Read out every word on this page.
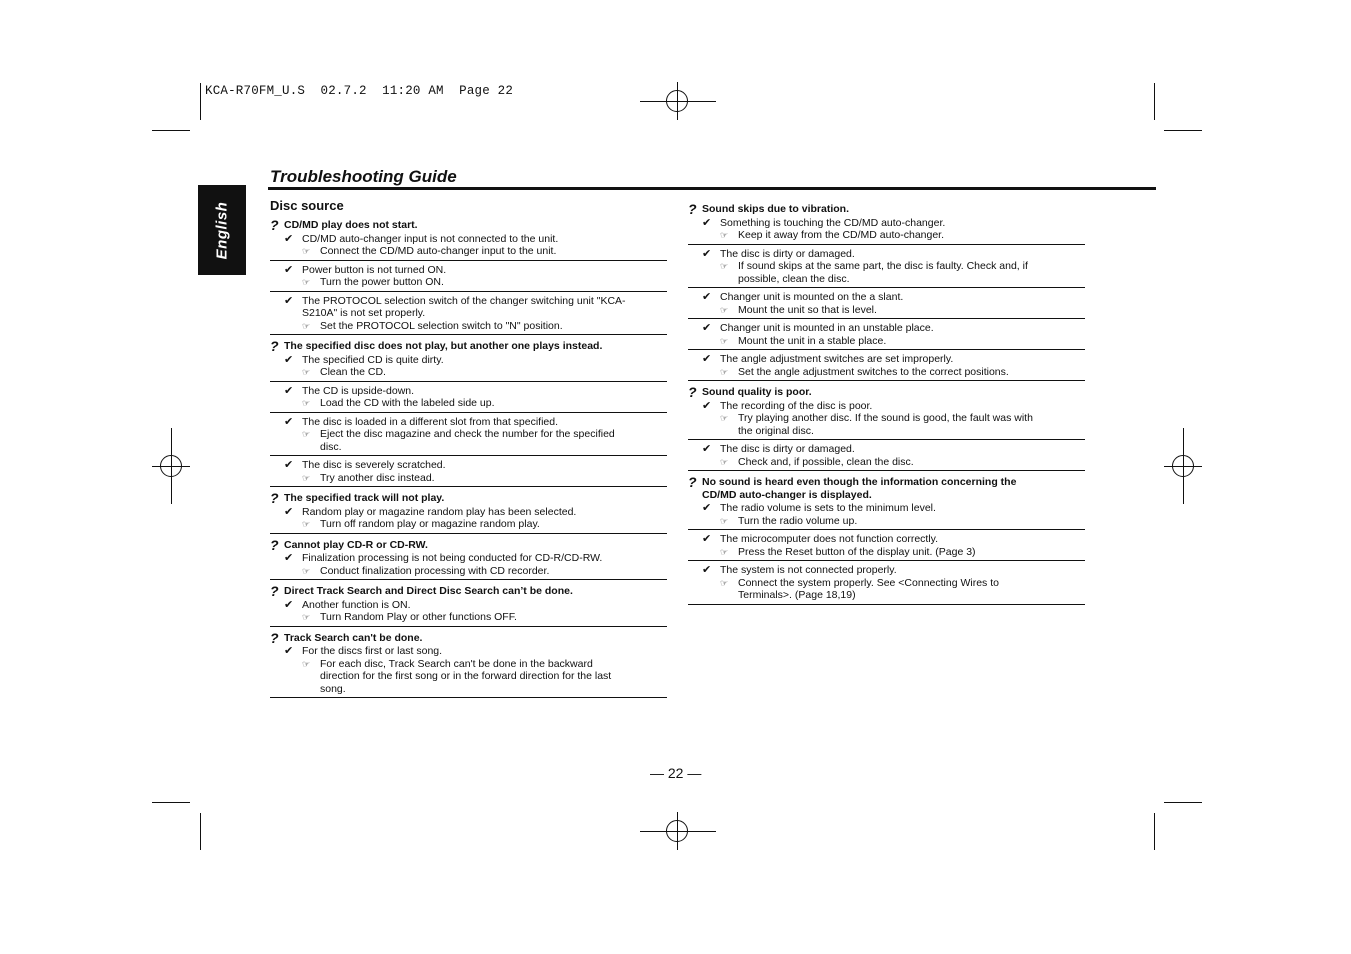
KCA-R70FM_U.S  02.7.2  11:20 AM  Page 22
English
Troubleshooting Guide
Disc source
? CD/MD play does not start.
✔ CD/MD auto-changer input is not connected to the unit.
☞ Connect the CD/MD auto-changer input to the unit.
✔ Power button is not turned ON.
☞ Turn the power button ON.
✔ The PROTOCOL selection switch of the changer switching unit "KCA-
S210A" is not set properly.
☞ Set the PROTOCOL selection switch to "N" position.
? The specified disc does not play, but another one plays instead.
✔ The specified CD is quite dirty.
☞ Clean the CD.
✔ The CD is upside-down.
☞ Load the CD with the labeled side up.
✔ The disc is loaded in a different slot from that specified.
☞ Eject the disc magazine and check the number for the specified
disc.
✔ The disc is severely scratched.
☞ Try another disc instead.
? The specified track will not play.
✔ Random play or magazine random play has been selected.
☞ Turn off random play or magazine random play.
? Cannot play CD-R or CD-RW.
✔ Finalization processing is not being conducted for CD-R/CD-RW.
☞ Conduct finalization processing with CD recorder.
? Direct Track Search and Direct Disc Search can’t be done.
✔ Another function is ON.
☞ Turn Random Play or other functions OFF.
? Track Search can't be done.
✔ For the discs first or last song.
☞ For each disc, Track Search can't be done in the backward
direction for the first song or in the forward direction for the last
song.
? Sound skips due to vibration.
✔ Something is touching the CD/MD auto-changer.
☞ Keep it away from the CD/MD auto-changer.
✔ The disc is dirty or damaged.
☞ If sound skips at the same part, the disc is faulty. Check and, if
possible, clean the disc.
✔ Changer unit is mounted on the a slant.
☞ Mount the unit so that is level.
✔ Changer unit is mounted in an unstable place.
☞ Mount the unit in a stable place.
✔ The angle adjustment switches are set improperly.
☞ Set the angle adjustment switches to the correct positions.
? Sound quality is poor.
✔ The recording of the disc is poor.
☞ Try playing another disc. If the sound is good, the fault was with
the original disc.
✔ The disc is dirty or damaged.
☞ Check and, if possible, clean the disc.
? No sound is heard even though the information concerning the
CD/MD auto-changer is displayed.
✔ The radio volume is sets to the minimum level.
☞ Turn the radio volume up.
✔ The microcomputer does not function correctly.
☞ Press the Reset button of the display unit. (Page 3)
✔ The system is not connected properly.
☞ Connect the system properly. See <Connecting Wires to
Terminals>. (Page 18,19)
— 22 —
